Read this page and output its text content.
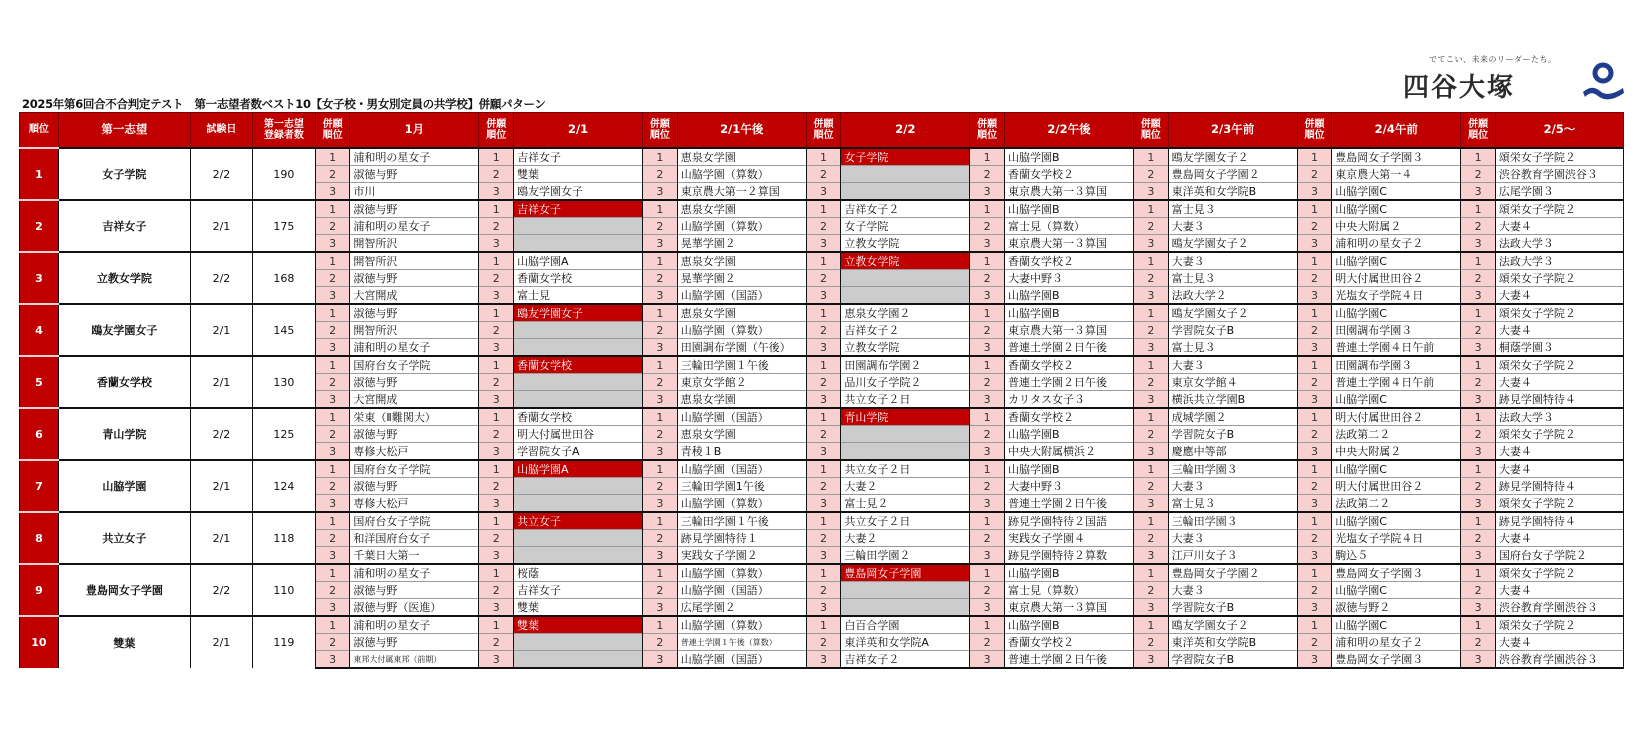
2025年第6回合不合判定テスト　第一志望者数ベスト10【女子校・男女別定員の共学校】併願パターン
でてこい、未来のリーダーたち。
四谷大塚
順位	第一志望	試験日	第一志望
登録者数	併願
順位	1月	併願
順位	2/1	併願
順位	2/1午後	併願
順位	2/2	併願
順位	2/2午後	併願
順位	2/3午前	併願
順位	2/4午前	併願
順位	2/5～
1	女子学院	2/2	190	1	浦和明の星女子	1	吉祥女子	1	恵泉女学園	1	女子学院	1	山脇学園B	1	鴎友学園女子２	1	豊島岡女子学園３	1	頌栄女子学院２
				2	淑徳与野	2	雙葉	2	山脇学園（算数）	2		2	香蘭女学校２	2	豊島岡女子学園２	2	東京農大第一４	2	渋谷教育学園渋谷３
				3	市川	3	鴎友学園女子	3	東京農大第一２算国	3		3	東京農大第一３算国	3	東洋英和女学院B	3	山脇学園C	3	広尾学園３
2	吉祥女子	2/1	175	1	淑徳与野	1	吉祥女子	1	恵泉女学園	1	吉祥女子２	1	山脇学園B	1	富士見３	1	山脇学園C	1	頌栄女子学院２
				2	浦和明の星女子	2		2	山脇学園（算数）	2	女子学院	2	富士見（算数）	2	大妻３	2	中央大附属２	2	大妻４
				3	開智所沢	3		3	晃華学園２	3	立教女学院	3	東京農大第一３算国	3	鴎友学園女子２	3	浦和明の星女子２	3	法政大学３
3	立教女学院	2/2	168	1	開智所沢	1	山脇学園A	1	恵泉女学園	1	立教女学院	1	香蘭女学校２	1	大妻３	1	山脇学園C	1	法政大学３
				2	淑徳与野	2	香蘭女学校	2	晃華学園２	2		2	大妻中野３	2	富士見３	2	明大付属世田谷２	2	頌栄女子学院２
				3	大宮開成	3	富士見	3	山脇学園（国語）	3		3	山脇学園B	3	法政大学２	3	光塩女子学院４日	3	大妻４
4	鴎友学園女子	2/1	145	1	淑徳与野	1	鴎友学園女子	1	恵泉女学園	1	恵泉女学園２	1	山脇学園B	1	鴎友学園女子２	1	山脇学園C	1	頌栄女子学院２
				2	開智所沢	2		2	山脇学園（算数）	2	吉祥女子２	2	東京農大第一３算国	2	学習院女子B	2	田園調布学園３	2	大妻４
				3	浦和明の星女子	3		3	田園調布学園（午後）	3	立教女学院	3	普連土学園２日午後	3	富士見３	3	普連土学園４日午前	3	桐蔭学園３
5	香蘭女学校	2/1	130	1	国府台女子学院	1	香蘭女学校	1	三輪田学園１午後	1	田園調布学園２	1	香蘭女学校２	1	大妻３	1	田園調布学園３	1	頌栄女子学院２
				2	淑徳与野	2		2	東京女学館２	2	品川女子学院２	2	普連土学園２日午後	2	東京女学館４	2	普連土学園４日午前	2	大妻４
				3	大宮開成	3		3	恵泉女学園	3	共立女子２日	3	カリタス女子３	3	横浜共立学園B	3	山脇学園C	3	跡見学園特待４
6	青山学院	2/2	125	1	栄東（Ⅱ難関大）	1	香蘭女学校	1	山脇学園（国語）	1	青山学院	1	香蘭女学校２	1	成城学園２	1	明大付属世田谷２	1	法政大学３
				2	淑徳与野	2	明大付属世田谷	2	恵泉女学園	2		2	山脇学園B	2	学習院女子B	2	法政第二２	2	頌栄女子学院２
				3	専修大松戸	3	学習院女子A	3	青稜１B	3		3	中央大附属横浜２	3	慶應中等部	3	中央大附属２	3	大妻４
7	山脇学園	2/1	124	1	国府台女子学院	1	山脇学園A	1	山脇学園（国語）	1	共立女子２日	1	山脇学園B	1	三輪田学園３	1	山脇学園C	1	大妻４
				2	淑徳与野	2		2	三輪田学園1午後	2	大妻２	2	大妻中野３	2	大妻３	2	明大付属世田谷２	2	跡見学園特待４
				3	専修大松戸	3		3	山脇学園（算数）	3	富士見２	3	普連土学園２日午後	3	富士見３	3	法政第二２	3	頌栄女子学院２
8	共立女子	2/1	118	1	国府台女子学院	1	共立女子	1	三輪田学園１午後	1	共立女子２日	1	跡見学園特待２国語	1	三輪田学園３	1	山脇学園C	1	跡見学園特待４
				2	和洋国府台女子	2		2	跡見学園特待１	2	大妻２	2	実践女子学園４	2	大妻３	2	光塩女子学院４日	2	大妻４
				3	千葉日大第一	3		3	実践女子学園２	3	三輪田学園２	3	跡見学園特待２算数	3	江戸川女子３	3	駒込５	3	国府台女子学院２
9	豊島岡女子学園	2/2	110	1	浦和明の星女子	1	桜蔭	1	山脇学園（算数）	1	豊島岡女子学園	1	山脇学園B	1	豊島岡女子学園２	1	豊島岡女子学園３	1	頌栄女子学院２
				2	淑徳与野	2	吉祥女子	2	山脇学園（国語）	2		2	富士見（算数）	2	大妻３	2	山脇学園C	2	大妻４
				3	淑徳与野（医進）	3	雙葉	3	広尾学園２	3		3	東京農大第一３算国	3	学習院女子B	3	淑徳与野２	3	渋谷教育学園渋谷３
10	雙葉	2/1	119	1	浦和明の星女子	1	雙葉	1	山脇学園（算数）	1	白百合学園	1	山脇学園B	1	鴎友学園女子２	1	山脇学園C	1	頌栄女子学院２
				2	淑徳与野	2		2	普連土学園１午後（算数）	2	東洋英和女学院A	2	香蘭女学校２	2	東洋英和女学院B	2	浦和明の星女子２	2	大妻４
				3	東邦大付属東邦（前期）	3		3	山脇学園（国語）	3	吉祥女子２	3	普連土学園２日午後	3	学習院女子B	3	豊島岡女子学園３	3	渋谷教育学園渋谷３
